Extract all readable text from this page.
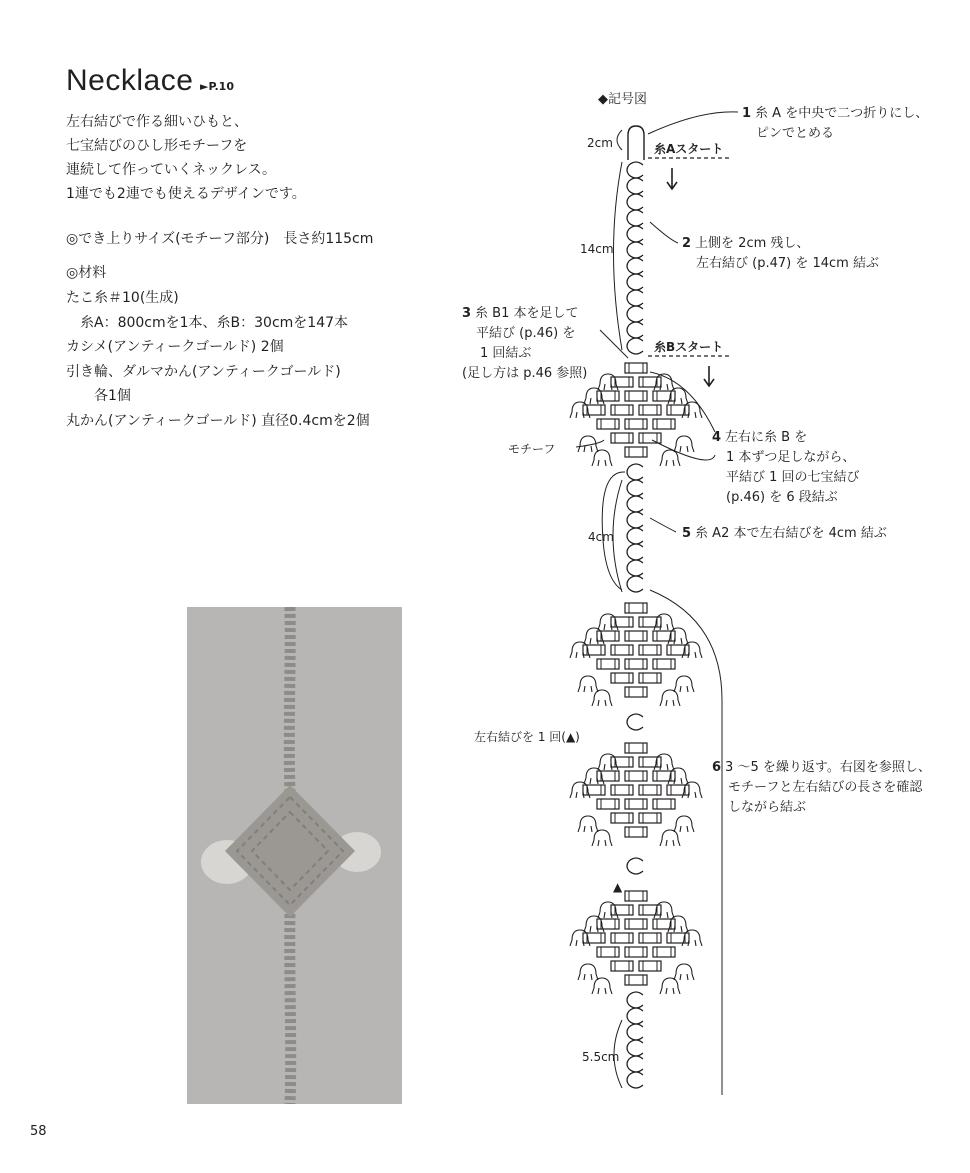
Necklace ►P.10
左右結びで作る細いひもと、
七宝結びのひし形モチーフを
連続して作っていくネックレス。
1連でも2連でも使えるデザインです。
◎でき上りサイズ(モチーフ部分)　長さ約115cm
◎材料
たこ糸＃10(生成)
糸A：800cmを1本、糸B：30cmを147本
カシメ(アンティークゴールド) 2個
引き輪、ダルマかん(アンティークゴールド)
各1個
丸かん(アンティークゴールド) 直径0.4cmを2個
58
◆記号図
糸Aスタート
糸Bスタート
2cm
14cm
4cm
5.5cm
モチーフ
左右結びを 1 回(▲)
▲
1 糸 A を中央で二つ折りにし、
ピンでとめる
2 上側を 2cm 残し、
左右結び (p.47) を 14cm 結ぶ
3 糸 B1 本を足して
平結び (p.46) を
1 回結ぶ
(足し方は p.46 参照)
4 左右に糸 B を
1 本ずつ足しながら、
平結び 1 回の七宝結び
(p.46) を 6 段結ぶ
5 糸 A2 本で左右結びを 4cm 結ぶ
6 3 ～5 を繰り返す。右図を参照し、
モチーフと左右結びの長さを確認
しながら結ぶ
